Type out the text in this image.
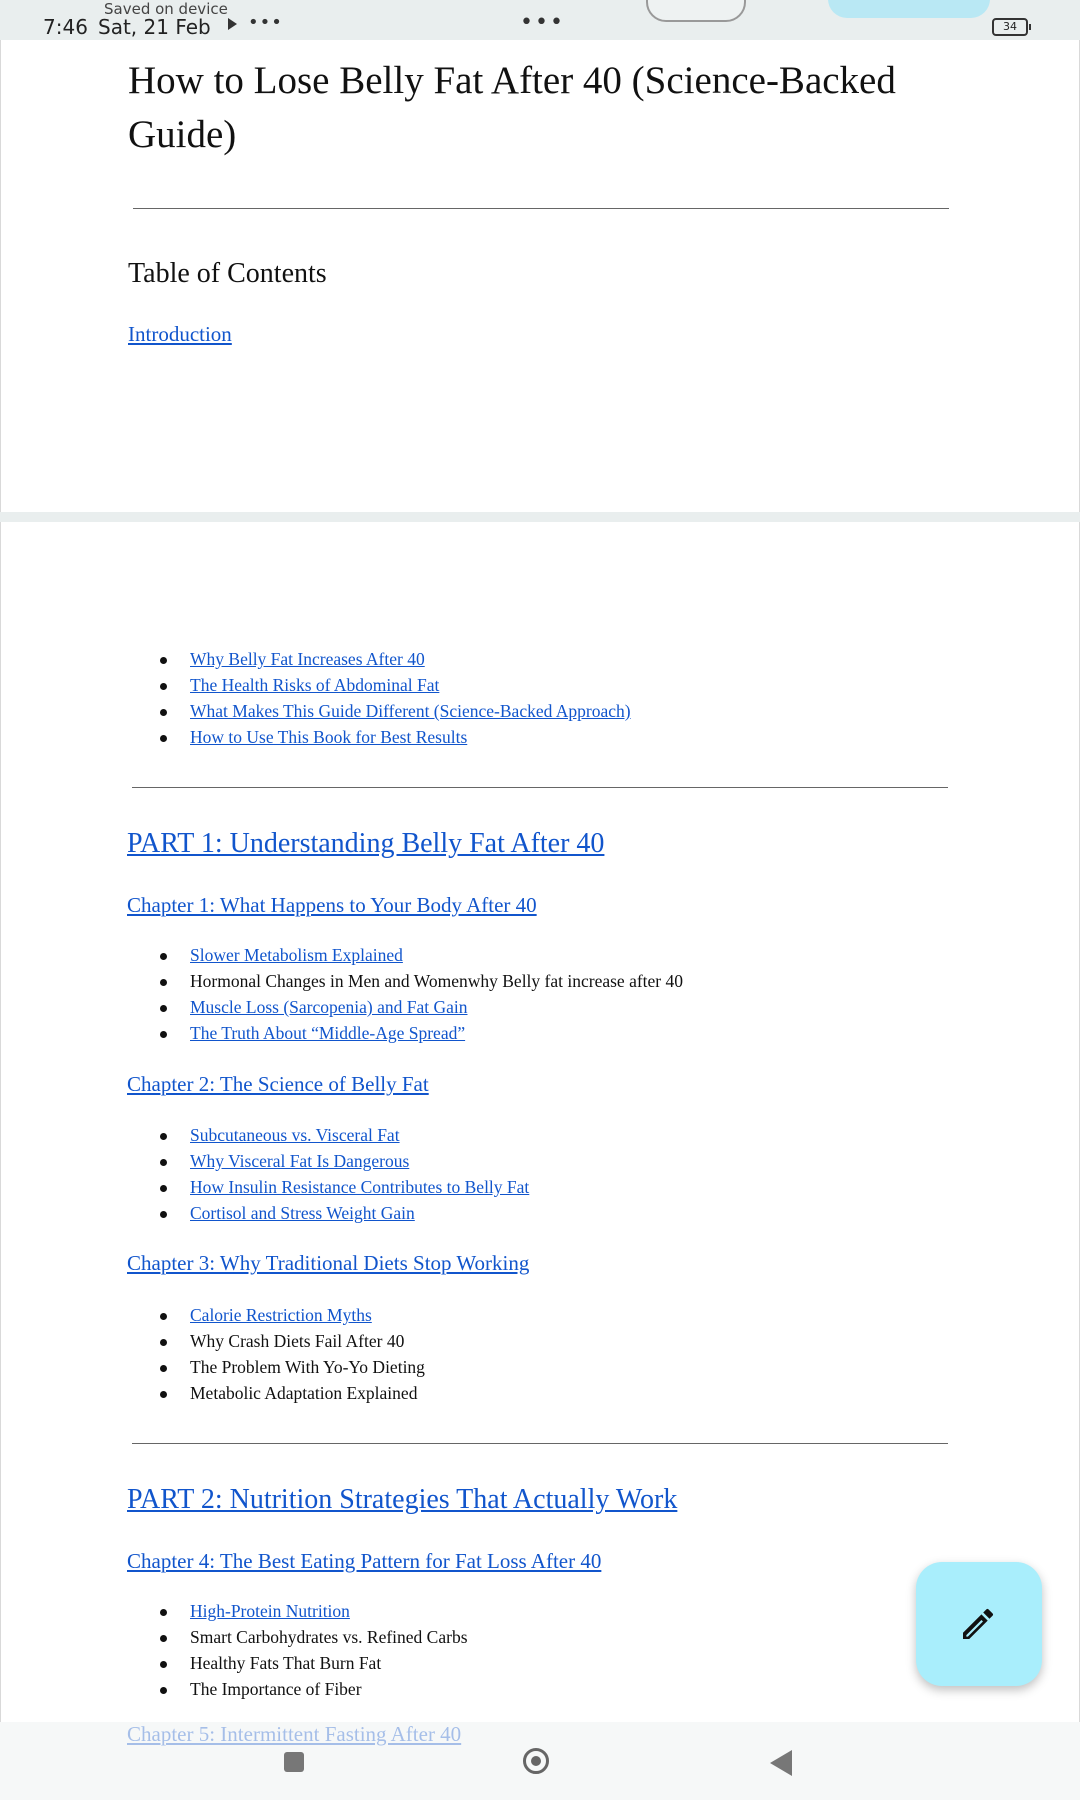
Saved on device
7:46 Sat, 21 Feb •••	•••	34
How to Lose Belly Fat After 40 (Science-Backed Guide)
Table of Contents
Introduction
Why Belly Fat Increases After 40
The Health Risks of Abdominal Fat
What Makes This Guide Different (Science-Backed Approach)
How to Use This Book for Best Results
PART 1: Understanding Belly Fat After 40
Chapter 1: What Happens to Your Body After 40
Slower Metabolism Explained
Hormonal Changes in Men and Womenwhy Belly fat increase after 40
Muscle Loss (Sarcopenia) and Fat Gain
The Truth About “Middle-Age Spread”
Chapter 2: The Science of Belly Fat
Subcutaneous vs. Visceral Fat
Why Visceral Fat Is Dangerous
How Insulin Resistance Contributes to Belly Fat
Cortisol and Stress Weight Gain
Chapter 3: Why Traditional Diets Stop Working
Calorie Restriction Myths
Why Crash Diets Fail After 40
The Problem With Yo-Yo Dieting
Metabolic Adaptation Explained
PART 2: Nutrition Strategies That Actually Work
Chapter 4: The Best Eating Pattern for Fat Loss After 40
High-Protein Nutrition
Smart Carbohydrates vs. Refined Carbs
Healthy Fats That Burn Fat
The Importance of Fiber
Chapter 5: Intermittent Fasting After 40
